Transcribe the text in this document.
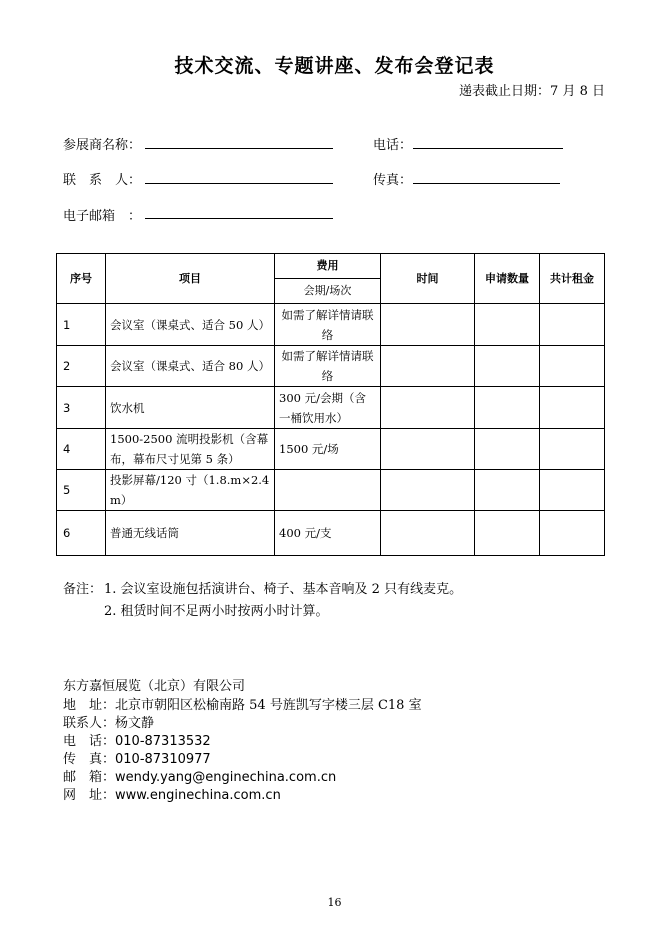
技术交流、专题讲座、发布会登记表
递表截止日期：7 月 8 日
参展商名称：	电话：
联　系　人：	传真：
电子邮箱　：
序号	项目	费用	时间	申请数量	共计租金
		会期/场次			
1	会议室（课桌式、适合 50 人）	如需了解详情请联络			
2	会议室（课桌式、适合 80 人）	如需了解详情请联络			
3	饮水机	300 元/会期（含一桶饮用水）			
4	1500-2500 流明投影机（含幕布，幕布尺寸见第 5 条）	1500 元/场			
5	投影屏幕/120 寸（1.8.m×2.4 m）				
6	普通无线话筒	400 元/支			
备注： 1. 会议室设施包括演讲台、椅子、基本音响及 2 只有线麦克。
2. 租赁时间不足两小时按两小时计算。
东方嘉恒展览（北京）有限公司
地　址：北京市朝阳区松榆南路 54 号旌凯写字楼三层 C18 室
联系人：杨文静
电　话：010-87313532
传　真：010-87310977
邮　箱：wendy.yang@enginechina.com.cn
网　址：www.enginechina.com.cn
16
